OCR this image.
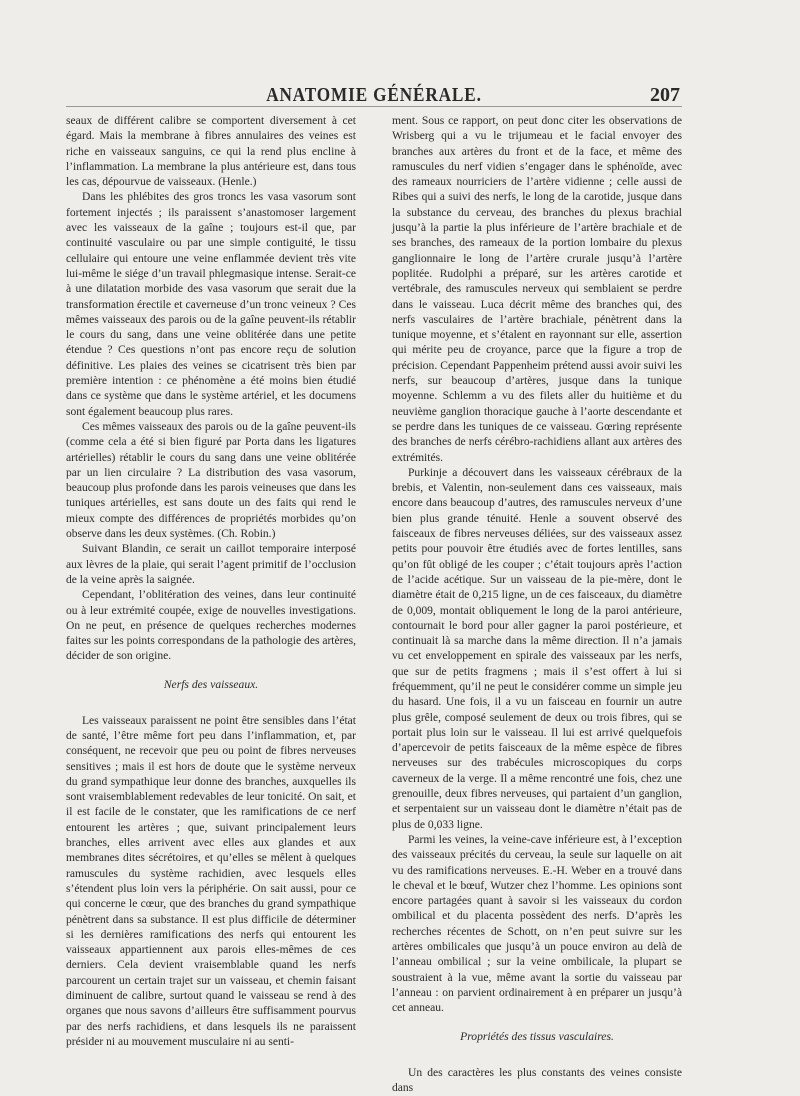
ANATOMIE GÉNÉRALE.	207

seaux de différent calibre se comportent diversement à cet égard. Mais la membrane à fibres annulaires des veines est riche en vaisseaux sanguins, ce qui la rend plus encline à l’inflammation. La membrane la plus antérieure est, dans tous les cas, dépourvue de vaisseaux. (Henle.)

Dans les phlébites des gros troncs les vasa vasorum sont fortement injectés ; ils paraissent s’anastomoser largement avec les vaisseaux de la gaîne ; toujours est-il que, par continuité vasculaire ou par une simple contiguité, le tissu cellulaire qui entoure une veine enflammée devient très vite lui-même le siége d’un travail phlegmasique intense. Serait-ce à une dilatation morbide des vasa vasorum que serait due la transformation érectile et caverneuse d’un tronc veineux ? Ces mêmes vaisseaux des parois ou de la gaîne peuvent-ils rétablir le cours du sang, dans une veine oblitérée dans une petite étendue ? Ces questions n’ont pas encore reçu de solution définitive. Les plaies des veines se cicatrisent très bien par première intention : ce phénomène a été moins bien étudié dans ce système que dans le système artériel, et les documens sont également beaucoup plus rares.

Ces mêmes vaisseaux des parois ou de la gaîne peuvent-ils (comme cela a été si bien figuré par Porta dans les ligatures artérielles) rétablir le cours du sang dans une veine oblitérée par un lien circulaire ? La distribution des vasa vasorum, beaucoup plus profonde dans les parois veineuses que dans les tuniques artérielles, est sans doute un des faits qui rend le mieux compte des différences de propriétés morbides qu’on observe dans les deux systèmes. (Ch. Robin.)

Suivant Blandin, ce serait un caillot temporaire interposé aux lèvres de la plaie, qui serait l’agent primitif de l’occlusion de la veine après la saignée.

Cependant, l’oblitération des veines, dans leur continuité ou à leur extrémité coupée, exige de nouvelles investigations. On ne peut, en présence de quelques recherches modernes faites sur les points correspondans de la pathologie des artères, décider de son origine.

Nerfs des vaisseaux.

Les vaisseaux paraissent ne point être sensibles dans l’état de santé, l’être même fort peu dans l’inflammation, et, par conséquent, ne recevoir que peu ou point de fibres nerveuses sensitives ; mais il est hors de doute que le système nerveux du grand sympathique leur donne des branches, auxquelles ils sont vraisemblablement redevables de leur tonicité. On sait, et il est facile de le constater, que les ramifications de ce nerf entourent les artères ; que, suivant principalement leurs branches, elles arrivent avec elles aux glandes et aux membranes dites sécrétoires, et qu’elles se mêlent à quelques ramuscules du système rachidien, avec lesquels elles s’étendent plus loin vers la périphérie. On sait aussi, pour ce qui concerne le cœur, que des branches du grand sympathique pénètrent dans sa substance. Il est plus difficile de déterminer si les dernières ramifications des nerfs qui entourent les vaisseaux appartiennent aux parois elles-mêmes de ces derniers. Cela devient vraisemblable quand les nerfs parcourent un certain trajet sur un vaisseau, et chemin faisant diminuent de calibre, surtout quand le vaisseau se rend à des organes que nous savons d’ailleurs être suffisamment pourvus par des nerfs rachidiens, et dans lesquels ils ne paraissent présider ni au mouvement musculaire ni au senti-

ment. Sous ce rapport, on peut donc citer les observations de Wrisberg qui a vu le trijumeau et le facial envoyer des branches aux artères du front et de la face, et même des ramuscules du nerf vidien s’engager dans le sphénoïde, avec des rameaux nourriciers de l’artère vidienne ; celle aussi de Ribes qui a suivi des nerfs, le long de la carotide, jusque dans la substance du cerveau, des branches du plexus brachial jusqu’à la partie la plus inférieure de l’artère brachiale et de ses branches, des rameaux de la portion lombaire du plexus ganglionnaire le long de l’artère crurale jusqu’à l’artère poplitée. Rudolphi a préparé, sur les artères carotide et vertébrale, des ramuscules nerveux qui semblaient se perdre dans le vaisseau. Luca décrit même des branches qui, des nerfs vasculaires de l’artère brachiale, pénètrent dans la tunique moyenne, et s’étalent en rayonnant sur elle, assertion qui mérite peu de croyance, parce que la figure a trop de précision. Cependant Pappenheim prétend aussi avoir suivi les nerfs, sur beaucoup d’artères, jusque dans la tunique moyenne. Schlemm a vu des filets aller du huitième et du neuvième ganglion thoracique gauche à l’aorte descendante et se perdre dans les tuniques de ce vaisseau. Gœring représente des branches de nerfs cérébro-rachidiens allant aux artères des extrémités.

Purkinje a découvert dans les vaisseaux cérébraux de la brebis, et Valentin, non-seulement dans ces vaisseaux, mais encore dans beaucoup d’autres, des ramuscules nerveux d’une bien plus grande ténuité. Henle a souvent observé des faisceaux de fibres nerveuses déliées, sur des vaisseaux assez petits pour pouvoir être étudiés avec de fortes lentilles, sans qu’on fût obligé de les couper ; c’était toujours après l’action de l’acide acétique. Sur un vaisseau de la pie-mère, dont le diamètre était de 0,215 ligne, un de ces faisceaux, du diamètre de 0,009, montait obliquement le long de la paroi antérieure, contournait le bord pour aller gagner la paroi postérieure, et continuait là sa marche dans la même direction. Il n’a jamais vu cet enveloppement en spirale des vaisseaux par les nerfs, que sur de petits fragmens ; mais il s’est offert à lui si fréquemment, qu’il ne peut le considérer comme un simple jeu du hasard. Une fois, il a vu un faisceau en fournir un autre plus grêle, composé seulement de deux ou trois fibres, qui se portait plus loin sur le vaisseau. Il lui est arrivé quelquefois d’apercevoir de petits faisceaux de la même espèce de fibres nerveuses sur des trabécules microscopiques du corps caverneux de la verge. Il a même rencontré une fois, chez une grenouille, deux fibres nerveuses, qui partaient d’un ganglion, et serpentaient sur un vaisseau dont le diamètre n’était pas de plus de 0,033 ligne.

Parmi les veines, la veine-cave inférieure est, à l’exception des vaisseaux précités du cerveau, la seule sur laquelle on ait vu des ramifications nerveuses. E.-H. Weber en a trouvé dans le cheval et le bœuf, Wutzer chez l’homme. Les opinions sont encore partagées quant à savoir si les vaisseaux du cordon ombilical et du placenta possèdent des nerfs. D’après les recherches récentes de Schott, on n’en peut suivre sur les artères ombilicales que jusqu’à un pouce environ au delà de l’anneau ombilical ; sur la veine ombilicale, la plupart se soustraient à la vue, même avant la sortie du vaisseau par l’anneau : on parvient ordinairement à en préparer un jusqu’à cet anneau.

Propriétés des tissus vasculaires.

Un des caractères les plus constants des veines consiste dans
